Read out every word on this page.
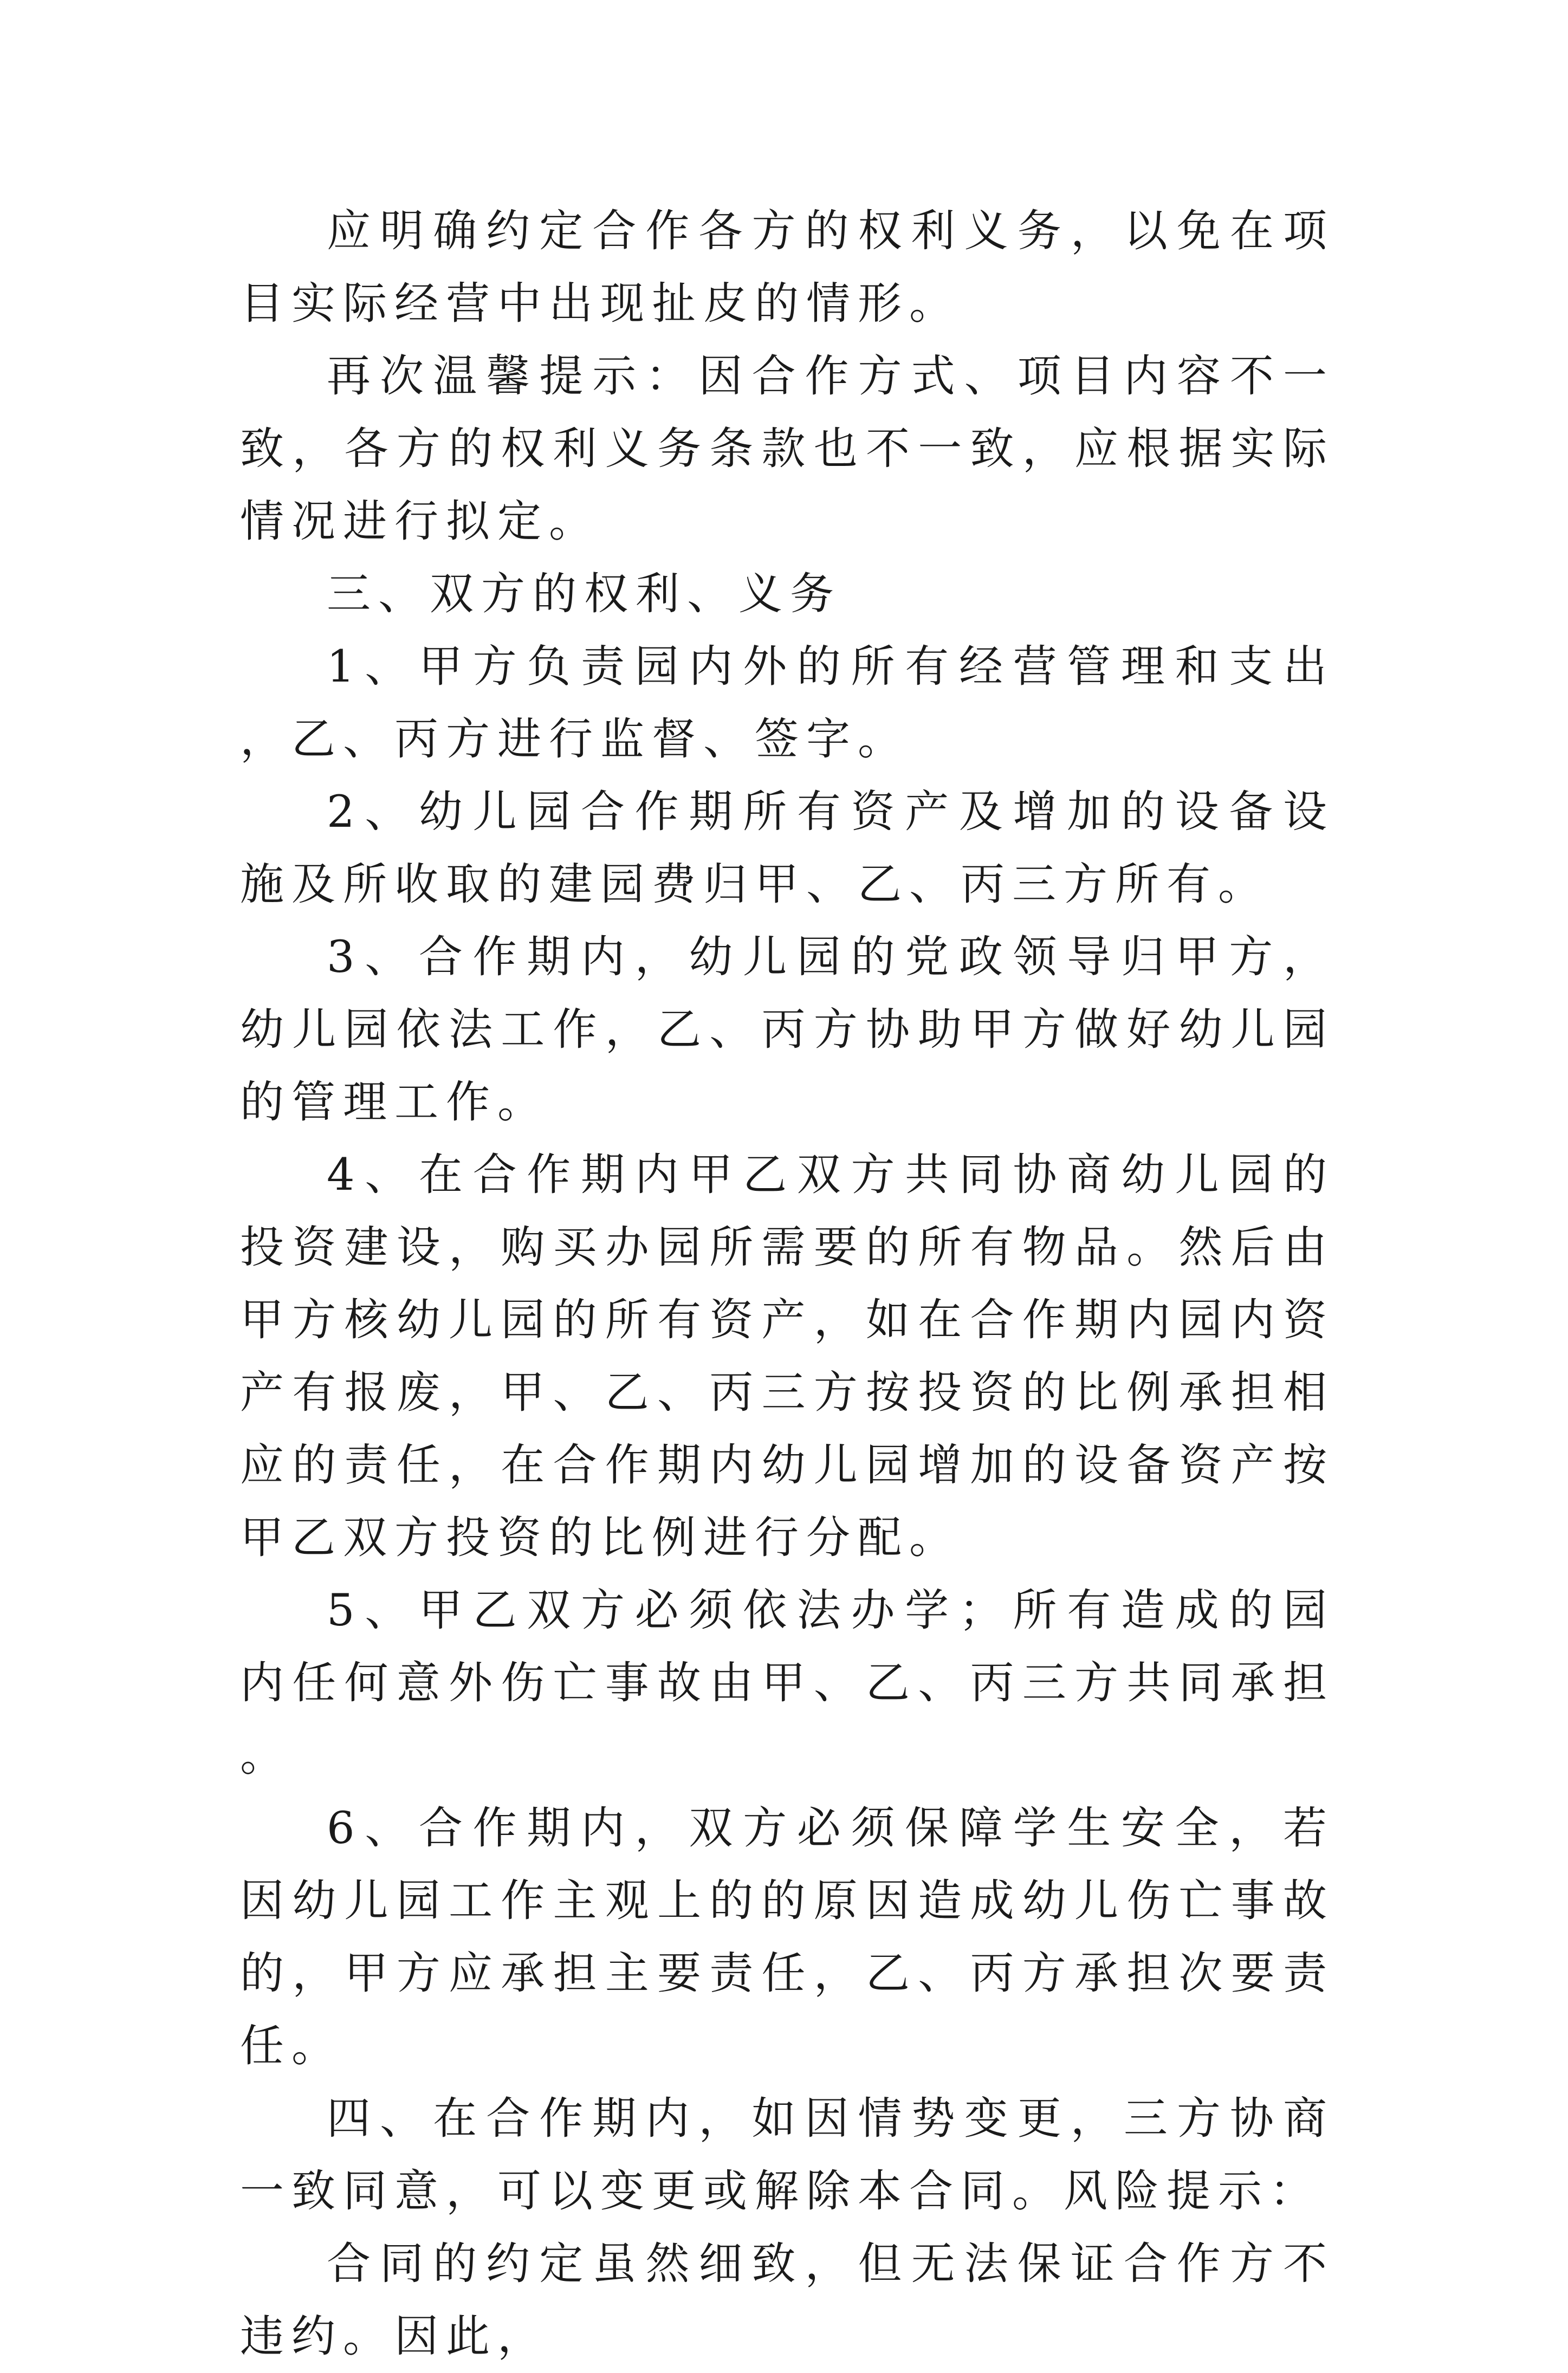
应明确约定合作各方的权利义务，以免在项目实际经营中出现扯皮的情形。

再次温馨提示：因合作方式、项目内容不一致，各方的权利义务条款也不一致，应根据实际情况进行拟定。

三、双方的权利、义务

1、甲方负责园内外的所有经营管理和支出，乙、丙方进行监督、签字。

2、幼儿园合作期所有资产及增加的设备设施及所收取的建园费归甲、乙、丙三方所有。

3、合作期内，幼儿园的党政领导归甲方，幼儿园依法工作，乙、丙方协助甲方做好幼儿园的管理工作。

4、在合作期内甲乙双方共同协商幼儿园的投资建设，购买办园所需要的所有物品。然后由甲方核幼儿园的所有资产，如在合作期内园内资产有报废，甲、乙、丙三方按投资的比例承担相应的责任，在合作期内幼儿园增加的设备资产按甲乙双方投资的比例进行分配。

5、甲乙双方必须依法办学；所有造成的园内任何意外伤亡事故由甲、乙、丙三方共同承担。

6、合作期内，双方必须保障学生安全，若因幼儿园工作主观上的的原因造成幼儿伤亡事故的，甲方应承担主要责任，乙、丙方承担次要责任。

四、在合作期内，如因情势变更，三方协商一致同意，可以变更或解除本合同。风险提示：

合同的约定虽然细致，但无法保证合作方不违约。因此，
